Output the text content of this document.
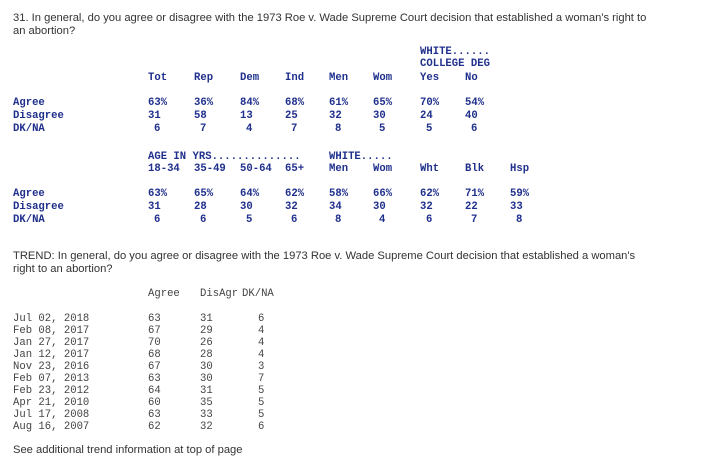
31. In general, do you agree or disagree with the 1973 Roe v. Wade Supreme Court decision that established a woman's right to
an abortion?
WHITE......
COLLEGE DEG
Tot	Rep	Dem Ind Men Wom	Yes No
Agree	63%	36%	84% 68% 61% 65%	70% 54%
Disagree	31	58	13	25	32	30	24	40
DK/NA	6	7	4	7	8	5	5	6
AGE IN YRS..............	WHITE.....
18-34 35-49 50-64 65+ Men Wom	Wht Blk Hsp
Agree	63%	65%	64% 62% 58% 66%	62% 71% 59%
Disagree	31	28	30	32	34	30	32	22	33
DK/NA	6	6	5	6	8	4	6	7	8
TREND: In general, do you agree or disagree with the 1973 Roe v. Wade Supreme Court decision that established a woman's
right to an abortion?
Agree DisAgr DK/NA
Jul 02, 2018	63	31	6
Feb 08, 2017	67	29	4
Jan 27, 2017	70	26	4
Jan 12, 2017	68	28	4
Nov 23, 2016	67	30	3
Feb 07, 2013	63	30	7
Feb 23, 2012	64	31	5
Apr 21, 2010	60	35	5
Jul 17, 2008	63	33	5
Aug 16, 2007	62	32	6
See additional trend information at top of page
